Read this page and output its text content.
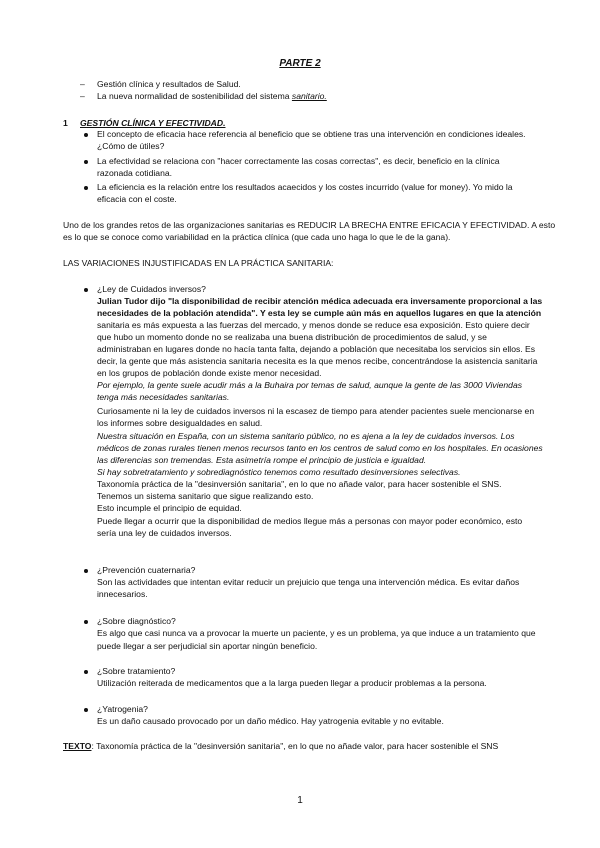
PARTE 2
– Gestión clínica y resultados de Salud.
– La nueva normalidad de sostenibilidad del sistema sanitario.
1 GESTIÓN CLÍNICA Y EFECTIVIDAD.
El concepto de eficacia hace referencia al beneficio que se obtiene tras una intervención en condiciones ideales.
¿Cómo de útiles?
La efectividad se relaciona con "hacer correctamente las cosas correctas", es decir, beneficio en la clínica
razonada cotidiana.
La eficiencia es la relación entre los resultados acaecidos y los costes incurrido (value for money). Yo mido la
eficacia con el coste.
Uno de los grandes retos de las organizaciones sanitarias es REDUCIR LA BRECHA ENTRE EFICACIA Y EFECTIVIDAD. A esto
es lo que se conoce como variabilidad en la práctica clínica (que cada uno haga lo que le de la gana).
LAS VARIACIONES INJUSTIFICADAS EN LA PRÁCTICA SANITARIA:
¿Ley de Cuidados inversos?
Julian Tudor dijo "la disponibilidad de recibir atención médica adecuada era inversamente proporcional a las
necesidades de la población atendida". Y esta ley se cumple aún más en aquellos lugares en que la atención
sanitaria es más expuesta a las fuerzas del mercado, y menos donde se reduce esa exposición. Esto quiere decir
que hubo un momento donde no se realizaba una buena distribución de procedimientos de salud, y se
administraban en lugares donde no hacía tanta falta, dejando a población que necesitaba los servicios sin ellos. Es
decir, la gente que más asistencia sanitaria necesita es la que menos recibe, concentrándose la asistencia sanitaria
en los grupos de población donde existe menor necesidad.
Por ejemplo, la gente suele acudir más a la Buhaira por temas de salud, aunque la gente de las 3000 Viviendas
tenga más necesidades sanitarias.
Curiosamente ni la ley de cuidados inversos ni la escasez de tiempo para atender pacientes suele mencionarse en
los informes sobre desigualdades en salud.
Nuestra situación en España, con un sistema sanitario público, no es ajena a la ley de cuidados inversos. Los
médicos de zonas rurales tienen menos recursos tanto en los centros de salud como en los hospitales. En ocasiones
las diferencias son tremendas. Esta asimetría rompe el principio de justicia e igualdad.
Si hay sobretratamiento y sobrediagnóstico tenemos como resultado desinversiones selectivas.
Taxonomía práctica de la "desinversión sanitaria", en lo que no añade valor, para hacer sostenible el SNS.
Tenemos un sistema sanitario que sigue realizando esto.
Esto incumple el principio de equidad.
Puede llegar a ocurrir que la disponibilidad de medios llegue más a personas con mayor poder económico, esto
sería una ley de cuidados inversos.
¿Prevención cuaternaria?
Son las actividades que intentan evitar reducir un prejuicio que tenga una intervención médica. Es evitar daños
innecesarios.
¿Sobre diagnóstico?
Es algo que casi nunca va a provocar la muerte un paciente, y es un problema, ya que induce a un tratamiento que
puede llegar a ser perjudicial sin aportar ningún beneficio.
¿Sobre tratamiento?
Utilización reiterada de medicamentos que a la larga pueden llegar a producir problemas a la persona.
¿Yatrogenia?
Es un daño causado provocado por un daño médico. Hay yatrogenia evitable y no evitable.
TEXTO: Taxonomía práctica de la "desinversión sanitaria", en lo que no añade valor, para hacer sostenible el SNS
1
